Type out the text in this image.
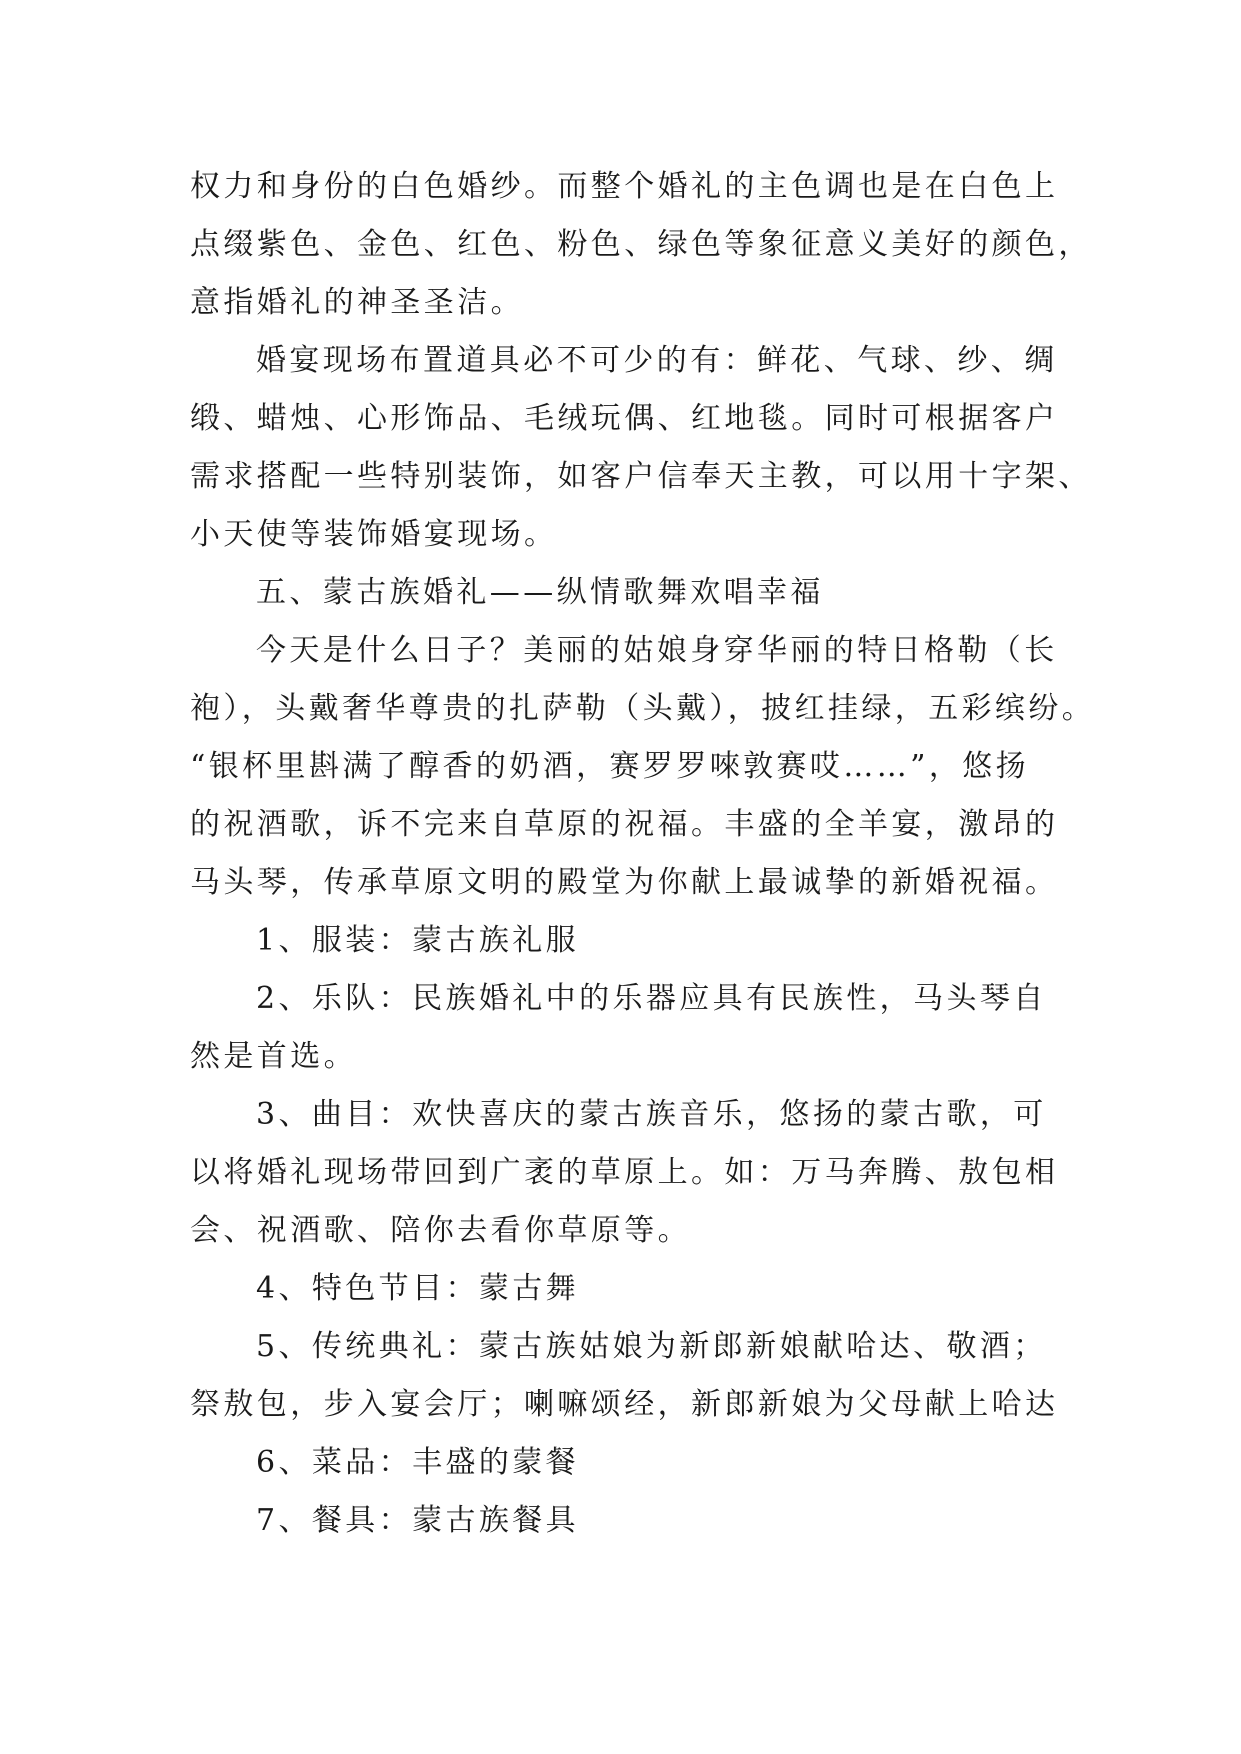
权力和身份的白色婚纱。而整个婚礼的主色调也是在白色上
点缀紫色、金色、红色、粉色、绿色等象征意义美好的颜色，
意指婚礼的神圣圣洁。
婚宴现场布置道具必不可少的有：鲜花、气球、纱、绸
缎、蜡烛、心形饰品、毛绒玩偶、红地毯。同时可根据客户
需求搭配一些特别装饰，如客户信奉天主教，可以用十字架、
小天使等装饰婚宴现场。
五、蒙古族婚礼——纵情歌舞欢唱幸福
今天是什么日子？美丽的姑娘身穿华丽的特日格勒（长
袍），头戴奢华尊贵的扎萨勒（头戴），披红挂绿，五彩缤纷。
“银杯里斟满了醇香的奶酒，赛罗罗唻敦赛哎……”，悠扬
的祝酒歌，诉不完来自草原的祝福。丰盛的全羊宴，激昂的
马头琴，传承草原文明的殿堂为你献上最诚挚的新婚祝福。
1、服装：蒙古族礼服
2、乐队：民族婚礼中的乐器应具有民族性，马头琴自
然是首选。
3、曲目：欢快喜庆的蒙古族音乐，悠扬的蒙古歌，可
以将婚礼现场带回到广袤的草原上。如：万马奔腾、敖包相
会、祝酒歌、陪你去看你草原等。
4、特色节目：蒙古舞
5、传统典礼：蒙古族姑娘为新郎新娘献哈达、敬酒；
祭敖包，步入宴会厅；喇嘛颂经，新郎新娘为父母献上哈达
6、菜品：丰盛的蒙餐
7、餐具：蒙古族餐具
